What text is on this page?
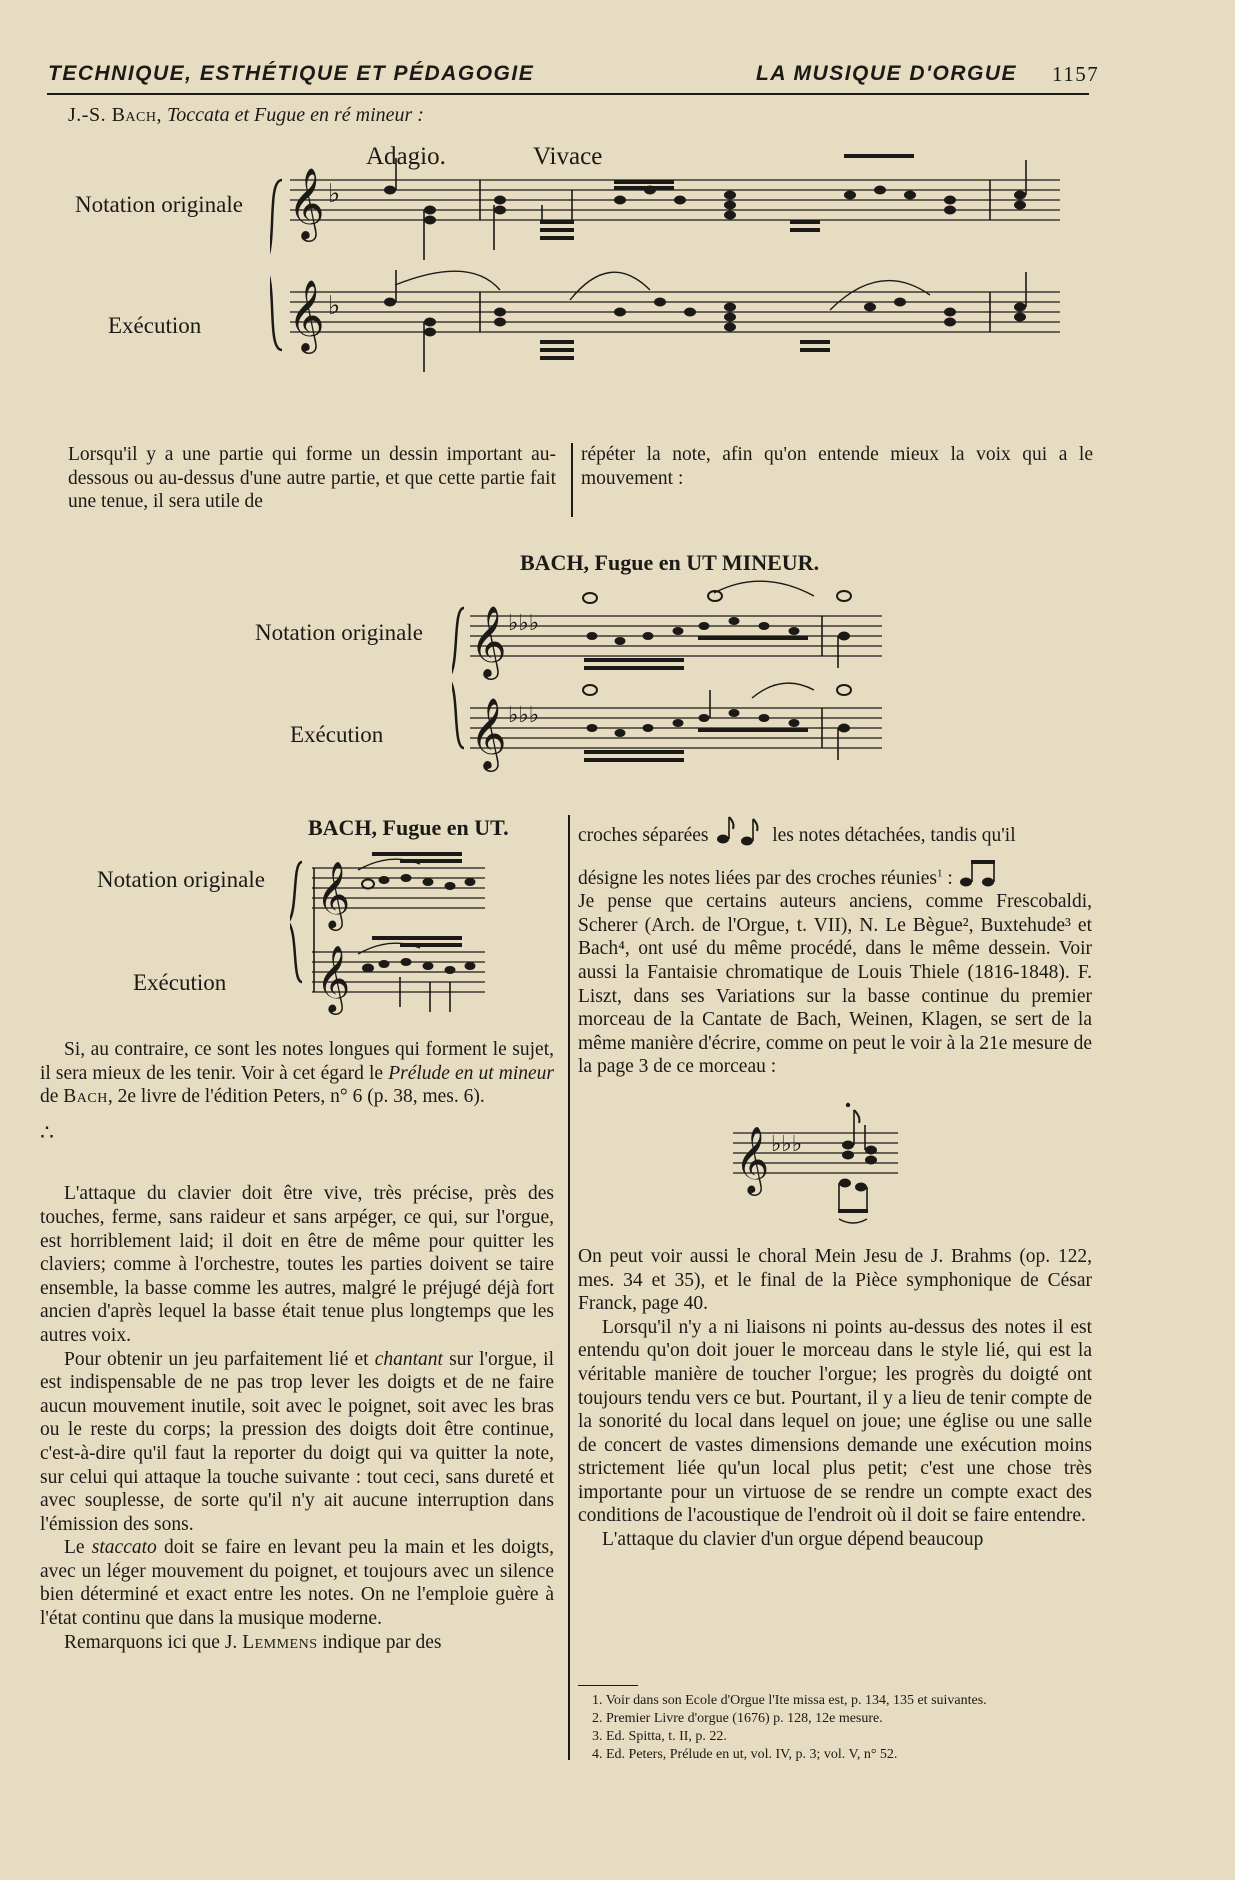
TECHNIQUE, ESTHÉTIQUE ET PÉDAGOGIE	LA MUSIQUE D'ORGUE 1157
J.-S. Bach, Toccata et Fugue en ré mineur :
Adagio.	Vivace
Notation originale
Exécution
𝄞
𝄞
♭
♭
Lorsqu'il y a une partie qui forme un dessin important au-dessous ou au-dessus d'une autre partie, et que cette partie fait une tenue, il sera utile de
répéter la note, afin qu'on entende mieux la voix qui a le mouvement :
BACH, Fugue en UT MINEUR.
Notation originale
Exécution
𝄞
𝄞
♭♭♭
♭♭♭
BACH, Fugue en UT.
Notation originale
Exécution
𝄞
𝄞

Si, au contraire, ce sont les notes longues qui forment le sujet, il sera mieux de les tenir. Voir à cet égard le Prélude en ut mineur de Bach, 2e livre de l'édition Peters, n° 6 (p. 38, mes. 6).

∴

L'attaque du clavier doit être vive, très précise, près des touches, ferme, sans raideur et sans arpéger, ce qui, sur l'orgue, est horriblement laid; il doit en être de même pour quitter les claviers; comme à l'orchestre, toutes les parties doivent se taire ensemble, la basse comme les autres, malgré le préjugé déjà fort ancien d'après lequel la basse était tenue plus longtemps que les autres voix.

Pour obtenir un jeu parfaitement lié et chantant sur l'orgue, il est indispensable de ne pas trop lever les doigts et de ne faire aucun mouvement inutile, soit avec le poignet, soit avec les bras ou le reste du corps; la pression des doigts doit être continue, c'est-à-dire qu'il faut la reporter du doigt qui va quitter la note, sur celui qui attaque la touche suivante : tout ceci, sans dureté et avec souplesse, de sorte qu'il n'y ait aucune interruption dans l'émission des sons.

Le staccato doit se faire en levant peu la main et les doigts, avec un léger mouvement du poignet, et toujours avec un silence bien déterminé et exact entre les notes. On ne l'emploie guère à l'état continu que dans la musique moderne.

Remarquons ici que J. Lemmens indique par des

croches séparées	les notes détachées, tandis qu'il

désigne les notes liées par des croches réunies$^1$ :

Je pense que certains auteurs anciens, comme Frescobaldi, Scherer (Arch. de l'Orgue, t. VII), N. Le Bègue², Buxtehude³ et Bach⁴, ont usé du même procédé, dans le même dessein. Voir aussi la Fantaisie chromatique de Louis Thiele (1816-1848). F. Liszt, dans ses Variations sur la basse continue du premier morceau de la Cantate de Bach, Weinen, Klagen, se sert de la même manière d'écrire, comme on peut le voir à la 21e mesure de la page 3 de ce morceau :

𝄞 ♭♭♭

On peut voir aussi le choral Mein Jesu de J. Brahms (op. 122, mes. 34 et 35), et le final de la Pièce symphonique de César Franck, page 40.

Lorsqu'il n'y a ni liaisons ni points au-dessus des notes il est entendu qu'on doit jouer le morceau dans le style lié, qui est la véritable manière de toucher l'orgue; les progrès du doigté ont toujours tendu vers ce but. Pourtant, il y a lieu de tenir compte de la sonorité du local dans lequel on joue; une église ou une salle de concert de vastes dimensions demande une exécution moins strictement liée qu'un local plus petit; c'est une chose très importante pour un virtuose de se rendre un compte exact des conditions de l'acoustique de l'endroit où il doit se faire entendre.

L'attaque du clavier d'un orgue dépend beaucoup

1. Voir dans son Ecole d'Orgue l'Ite missa est, p. 134, 135 et suivantes.
2. Premier Livre d'orgue (1676) p. 128, 12e mesure.
3. Ed. Spitta, t. II, p. 22.
4. Ed. Peters, Prélude en ut, vol. IV, p. 3; vol. V, n° 52.
